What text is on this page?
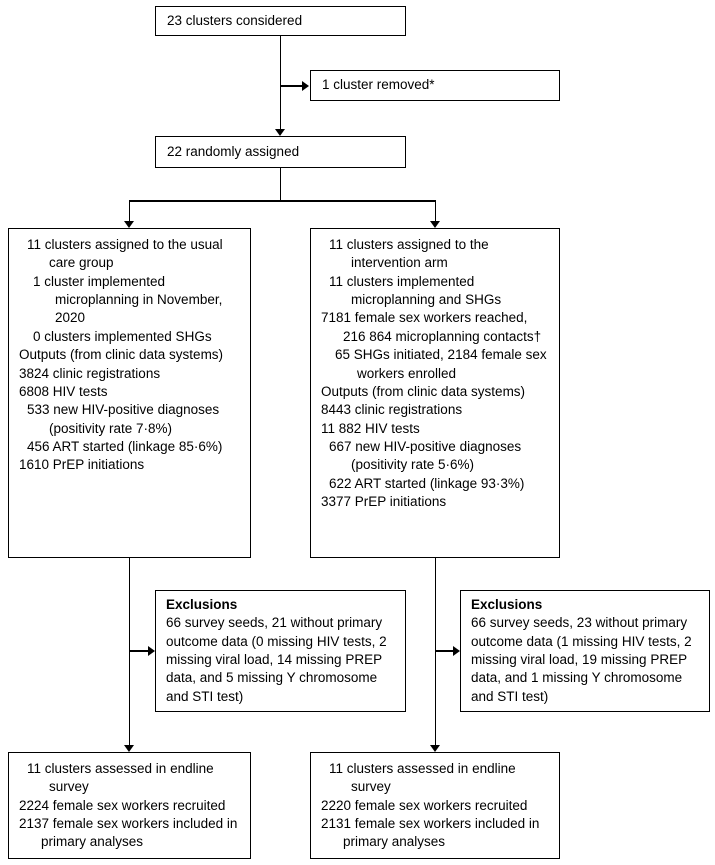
23 clusters considered
1 cluster removed*
22 randomly assigned
11 clusters assigned to the usual care group
1 cluster implemented microplanning in November, 2020
0 clusters implemented SHGs
Outputs (from clinic data systems)
3824 clinic registrations
6808 HIV tests
533 new HIV-positive diagnoses (positivity rate 7·8%)
456 ART started (linkage 85·6%)
1610 PrEP initiations
11 clusters assigned to the intervention arm
11 clusters implemented microplanning and SHGs
7181 female sex workers reached, 216 864 microplanning contacts†
65 SHGs initiated, 2184 female sex workers enrolled
Outputs (from clinic data systems)
8443 clinic registrations
11 882 HIV tests
667 new HIV-positive diagnoses (positivity rate 5·6%)
622 ART started (linkage 93·3%)
3377 PrEP initiations
Exclusions
66 survey seeds, 21 without primary outcome data (0 missing HIV tests, 2 missing viral load, 14 missing PREP data, and 5 missing Y chromosome and STI test)
Exclusions
66 survey seeds, 23 without primary outcome data (1 missing HIV tests, 2 missing viral load, 19 missing PREP data, and 1 missing Y chromosome and STI test)
11 clusters assessed in endline survey
2224 female sex workers recruited
2137 female sex workers included in primary analyses
11 clusters assessed in endline survey
2220 female sex workers recruited
2131 female sex workers included in primary analyses
